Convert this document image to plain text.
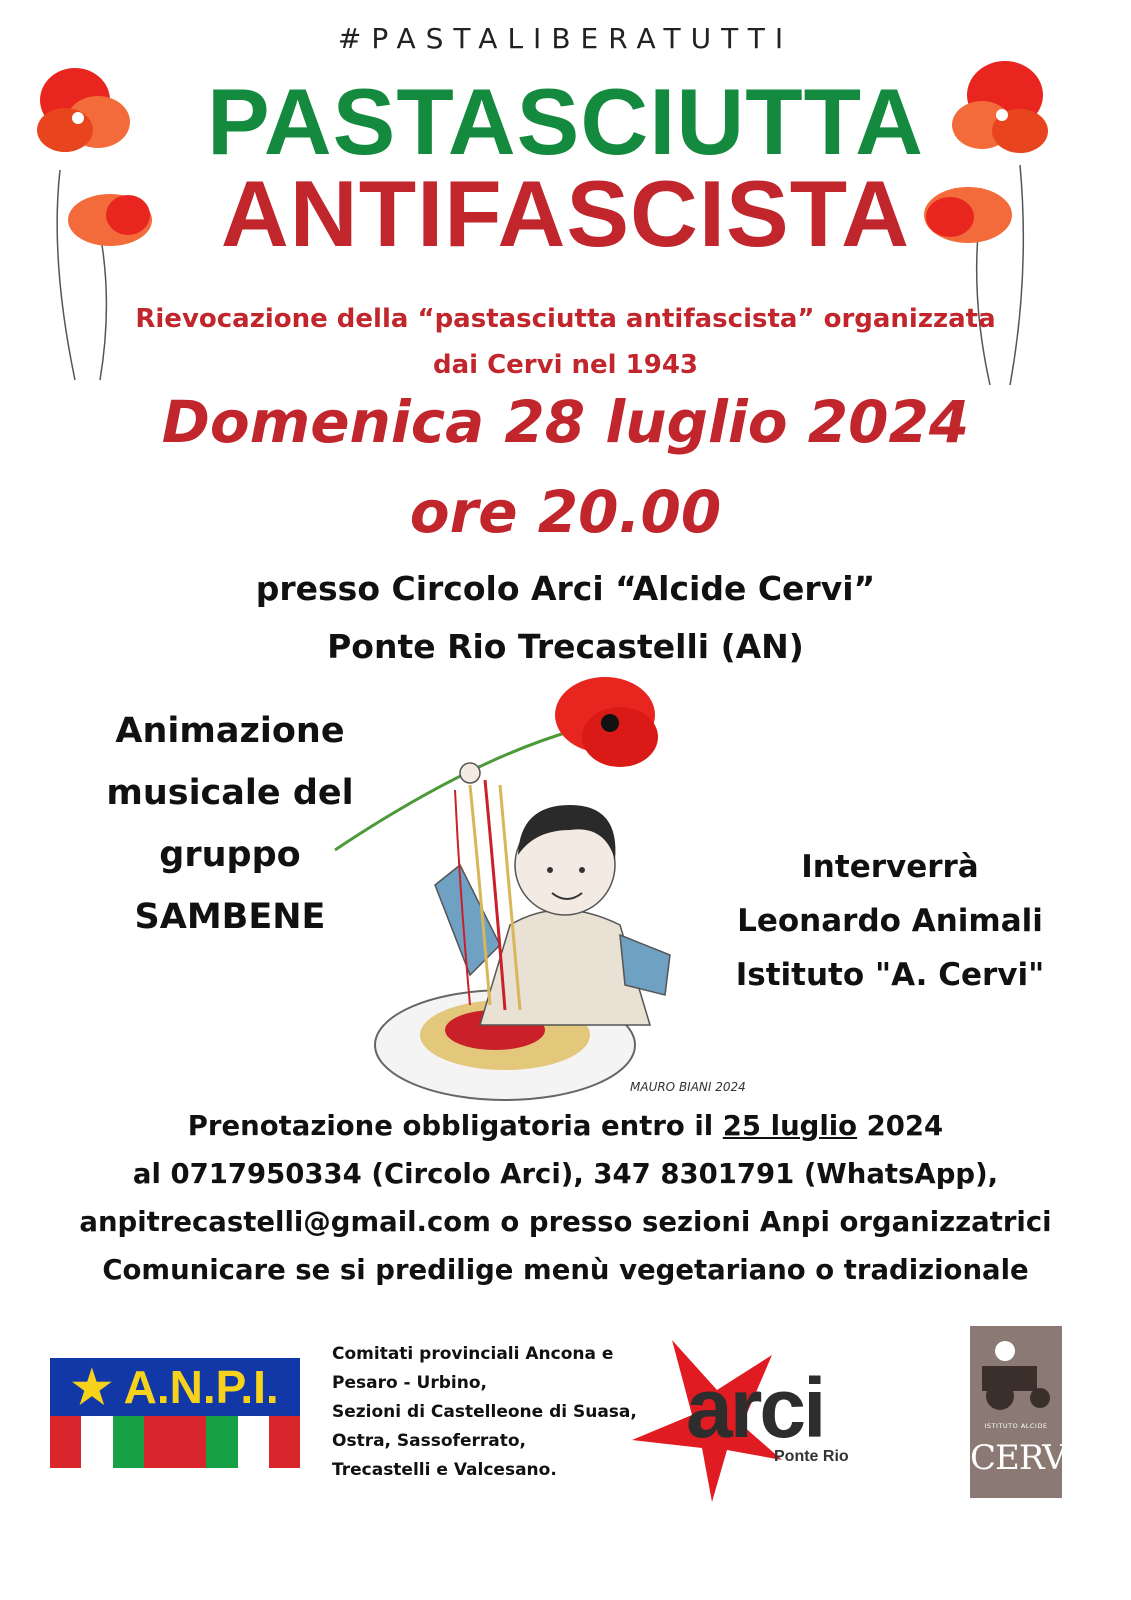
#PASTALIBERATUTTI
PASTASCIUTTA
ANTIFASCISTA
Rievocazione della “pastasciutta antifascista” organizzata
dai Cervi nel 1943
Domenica 28 luglio 2024
ore 20.00
presso Circolo Arci “Alcide Cervi”
Ponte Rio Trecastelli (AN)
MAURO BIANI 2024
Animazione
musicale del
gruppo
SAMBENE
Interverrà
Leonardo Animali
Istituto "A. Cervi"
Prenotazione obbligatoria entro il 25 luglio 2024
al 0717950334 (Circolo Arci), 347 8301791 (WhatsApp),
anpitrecastelli@gmail.com o presso sezioni Anpi organizzatrici
Comunicare se si predilige menù vegetariano o tradizionale
★ A.N.P.I.
Comitati provinciali Ancona e
Pesaro - Urbino,
Sezioni di Castelleone di Suasa,
Ostra, Sassoferrato,
Trecastelli e Valcesano.
arci
Ponte Rio
ISTITUTO ALCIDE
CERVI
